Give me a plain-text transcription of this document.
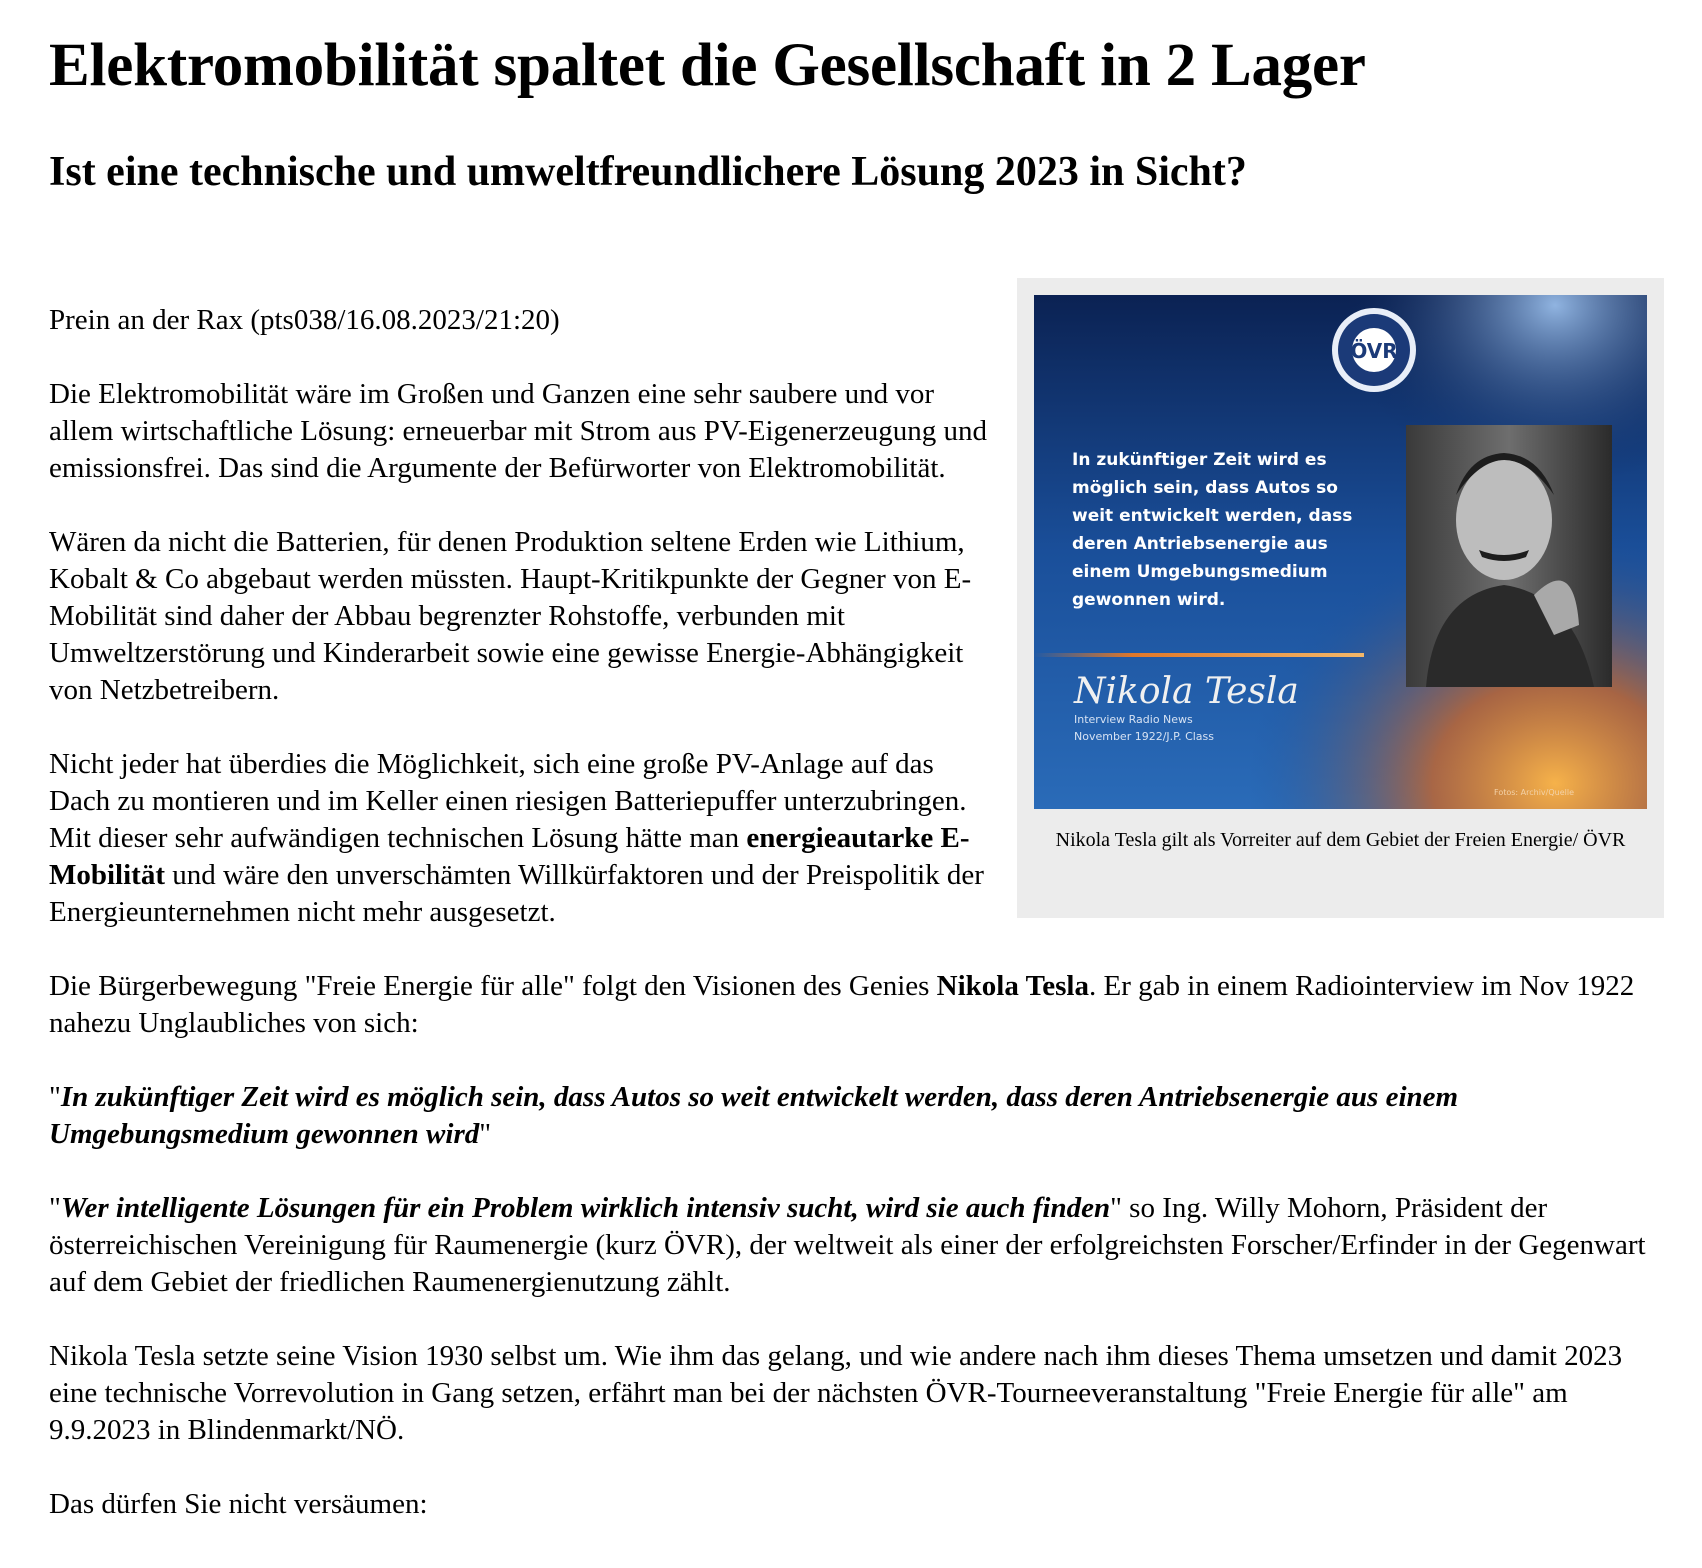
Elektromobilität spaltet die Gesellschaft in 2 Lager
Ist eine technische und umweltfreundlichere Lösung 2023 in Sicht?
ÖVR
In zukünftiger Zeit wird es
möglich sein, dass Autos so
weit entwickelt werden, dass
deren Antriebsenergie aus
einem Umgebungsmedium
gewonnen wird.
Nikola Tesla
Interview Radio News
November 1922/J.P. Class
Fotos: Archiv/Quelle
Nikola Tesla gilt als Vorreiter auf dem Gebiet der Freien Energie/ ÖVR

Prein an der Rax (pts038/16.08.2023/21:20)

Die Elektromobilität wäre im Großen und Ganzen eine sehr saubere und vor allem wirtschaftliche Lösung: erneuerbar mit Strom aus PV-Eigenerzeugung und emissionsfrei. Das sind die Argumente der Befürworter von Elektromobilität.

Wären da nicht die Batterien, für denen Produktion seltene Erden wie Lithium, Kobalt & Co abgebaut werden müssten. Haupt-Kritikpunkte der Gegner von E-Mobilität sind daher der Abbau begrenzter Rohstoffe, verbunden mit Umweltzerstörung und Kinderarbeit sowie eine gewisse Energie-Abhängigkeit von Netzbetreibern.

Nicht jeder hat überdies die Möglichkeit, sich eine große PV-Anlage auf das Dach zu montieren und im Keller einen riesigen Batteriepuffer unterzubringen. Mit dieser sehr aufwändigen technischen Lösung hätte man energieautarke E-Mobilität und wäre den unverschämten Willkürfaktoren und der Preispolitik der Energieunternehmen nicht mehr ausgesetzt.

Die Bürgerbewegung "Freie Energie für alle" folgt den Visionen des Genies Nikola Tesla. Er gab in einem Radiointerview im Nov 1922 nahezu Unglaubliches von sich:

"In zukünftiger Zeit wird es möglich sein, dass Autos so weit entwickelt werden, dass deren Antriebsenergie aus einem Umgebungsmedium gewonnen wird"

"Wer intelligente Lösungen für ein Problem wirklich intensiv sucht, wird sie auch finden" so Ing. Willy Mohorn, Präsident der österreichischen Vereinigung für Raumenergie (kurz ÖVR), der weltweit als einer der erfolgreichsten Forscher/Erfinder in der Gegenwart auf dem Gebiet der friedlichen Raumenergienutzung zählt.

Nikola Tesla setzte seine Vision 1930 selbst um. Wie ihm das gelang, und wie andere nach ihm dieses Thema umsetzen und damit 2023 eine technische Vorrevolution in Gang setzen, erfährt man bei der nächsten ÖVR-Tourneeveranstaltung "Freie Energie für alle" am 9.9.2023 in Blindenmarkt/NÖ.

Das dürfen Sie nicht versäumen:
